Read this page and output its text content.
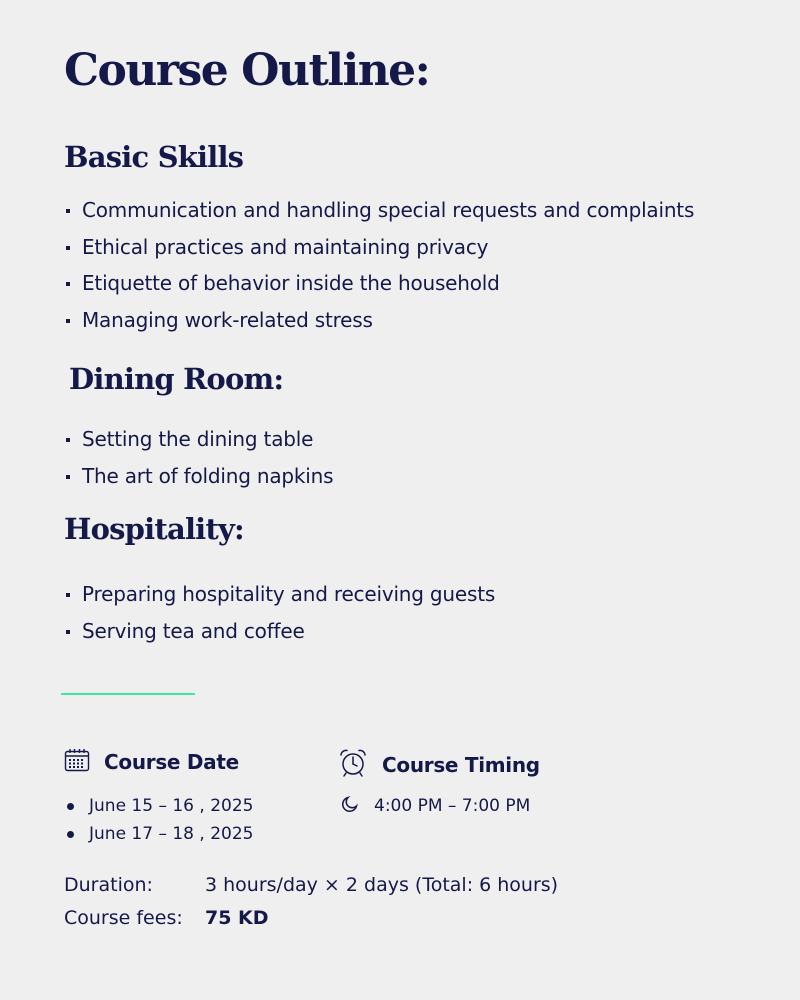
Course Outline:
Basic Skills
Communication and handling special requests and complaints
Ethical practices and maintaining privacy
Etiquette of behavior inside the household
Managing work-related stress
Dining Room:
Setting the dining table
The art of folding napkins
Hospitality:
Preparing hospitality and receiving guests
Serving tea and coffee
Course Date	Course Timing
June 15 – 16 , 2025
June 17 – 18 , 2025
4:00 PM – 7:00 PM
Duration:	3 hours/day × 2 days (Total: 6 hours)
Course fees:	75 KD
